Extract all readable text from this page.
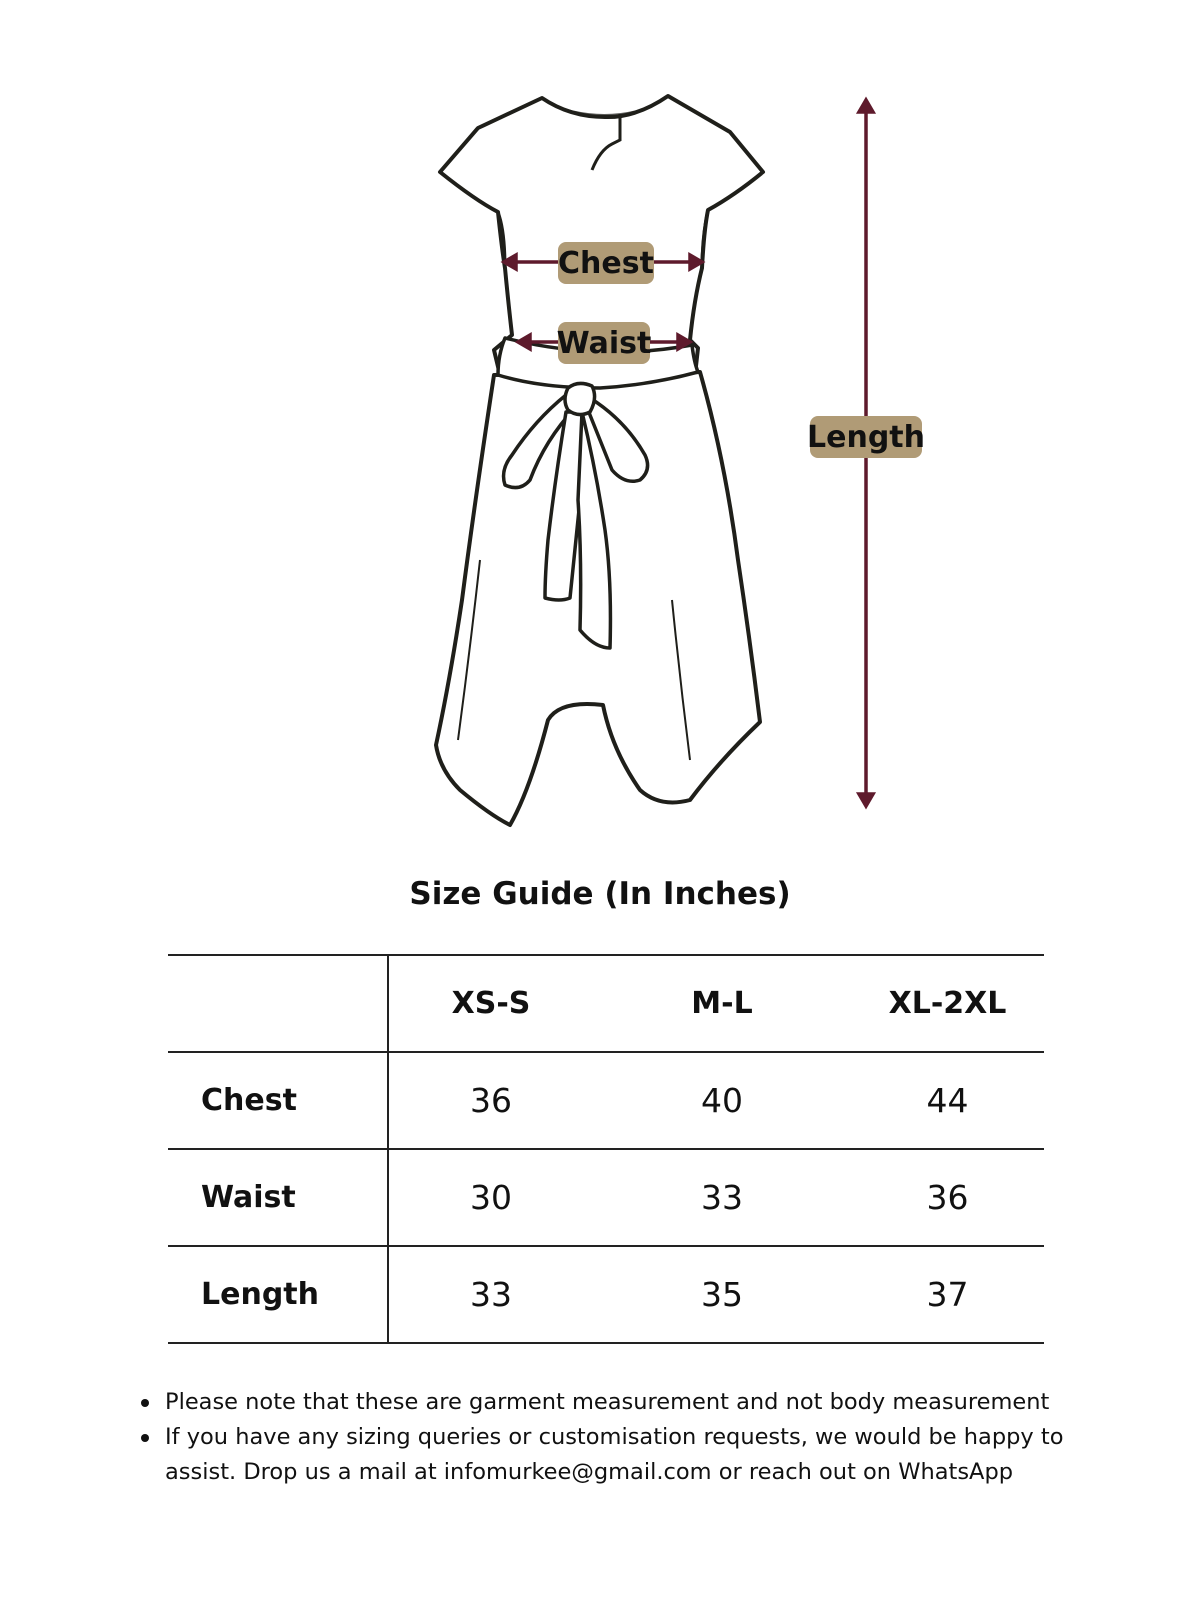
Chest
Waist
Length
Size Guide (In Inches)
	XS-S	M-L	XL-2XL
Chest	36	40	44
Waist	30	33	36
Length	33	35	37
Please note that these are garment measurement and not body measurement
If you have any sizing queries or customisation requests, we would be happy to assist. Drop us a mail at infomurkee@gmail.com or reach out on WhatsApp
